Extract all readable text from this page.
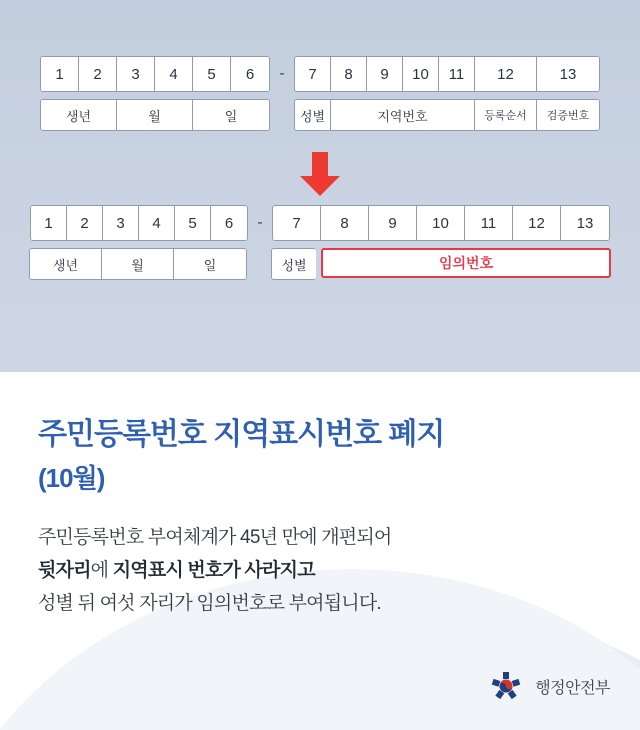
1	2	3	4	5	6	-	7	8	9	10	11	12	13
생년	월	일	성별	지역번호	등록순서	검증번호
1	2	3	4	5	6	-	7	8	9	10	11	12	13
생년	월	일	성별	임의번호
주민등록번호 지역표시번호 폐지
(10월)
주민등록번호 부여체계가 45년 만에 개편되어
뒷자리에 지역표시 번호가 사라지고
성별 뒤 여섯 자리가 임의번호로 부여됩니다.
행정안전부
